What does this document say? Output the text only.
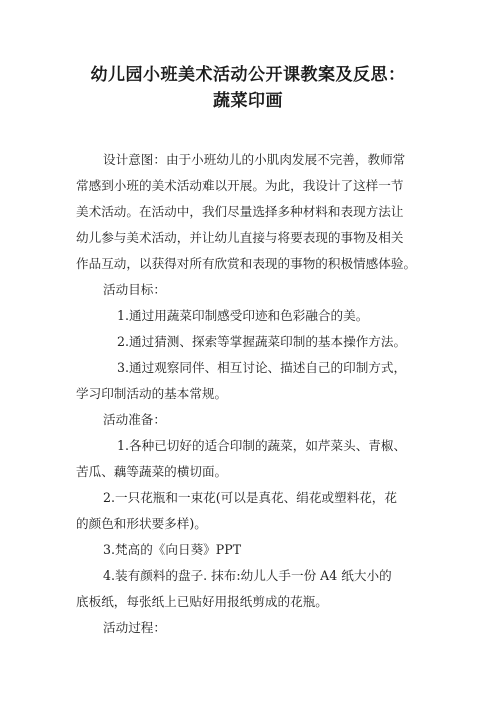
幼儿园小班美术活动公开课教案及反思：
蔬菜印画
设计意图：由于小班幼儿的小肌肉发展不完善，教师常
常感到小班的美术活动难以开展。为此，我设计了这样一节
美术活动。在活动中，我们尽量选择多种材料和表现方法让
幼儿参与美术活动，并让幼儿直接与将要表现的事物及相关
作品互动，以获得对所有欣赏和表现的事物的积极情感体验。
活动目标：
1.通过用蔬菜印制感受印迹和色彩融合的美。
2.通过猜测、探索等掌握蔬菜印制的基本操作方法。
3.通过观察同伴、相互讨论、描述自己的印制方式，
学习印制活动的基本常规。
活动准备：
1.各种已切好的适合印制的蔬菜，如芹菜头、青椒、
苦瓜、藕等蔬菜的横切面。
2.一只花瓶和一束花(可以是真花、绢花或塑料花，花
的颜色和形状要多样)。
3.梵高的《向日葵》PPT
4.装有颜料的盘子. 抹布:幼儿人手一份 A4 纸大小的
底板纸，每张纸上已贴好用报纸剪成的花瓶。
活动过程：
